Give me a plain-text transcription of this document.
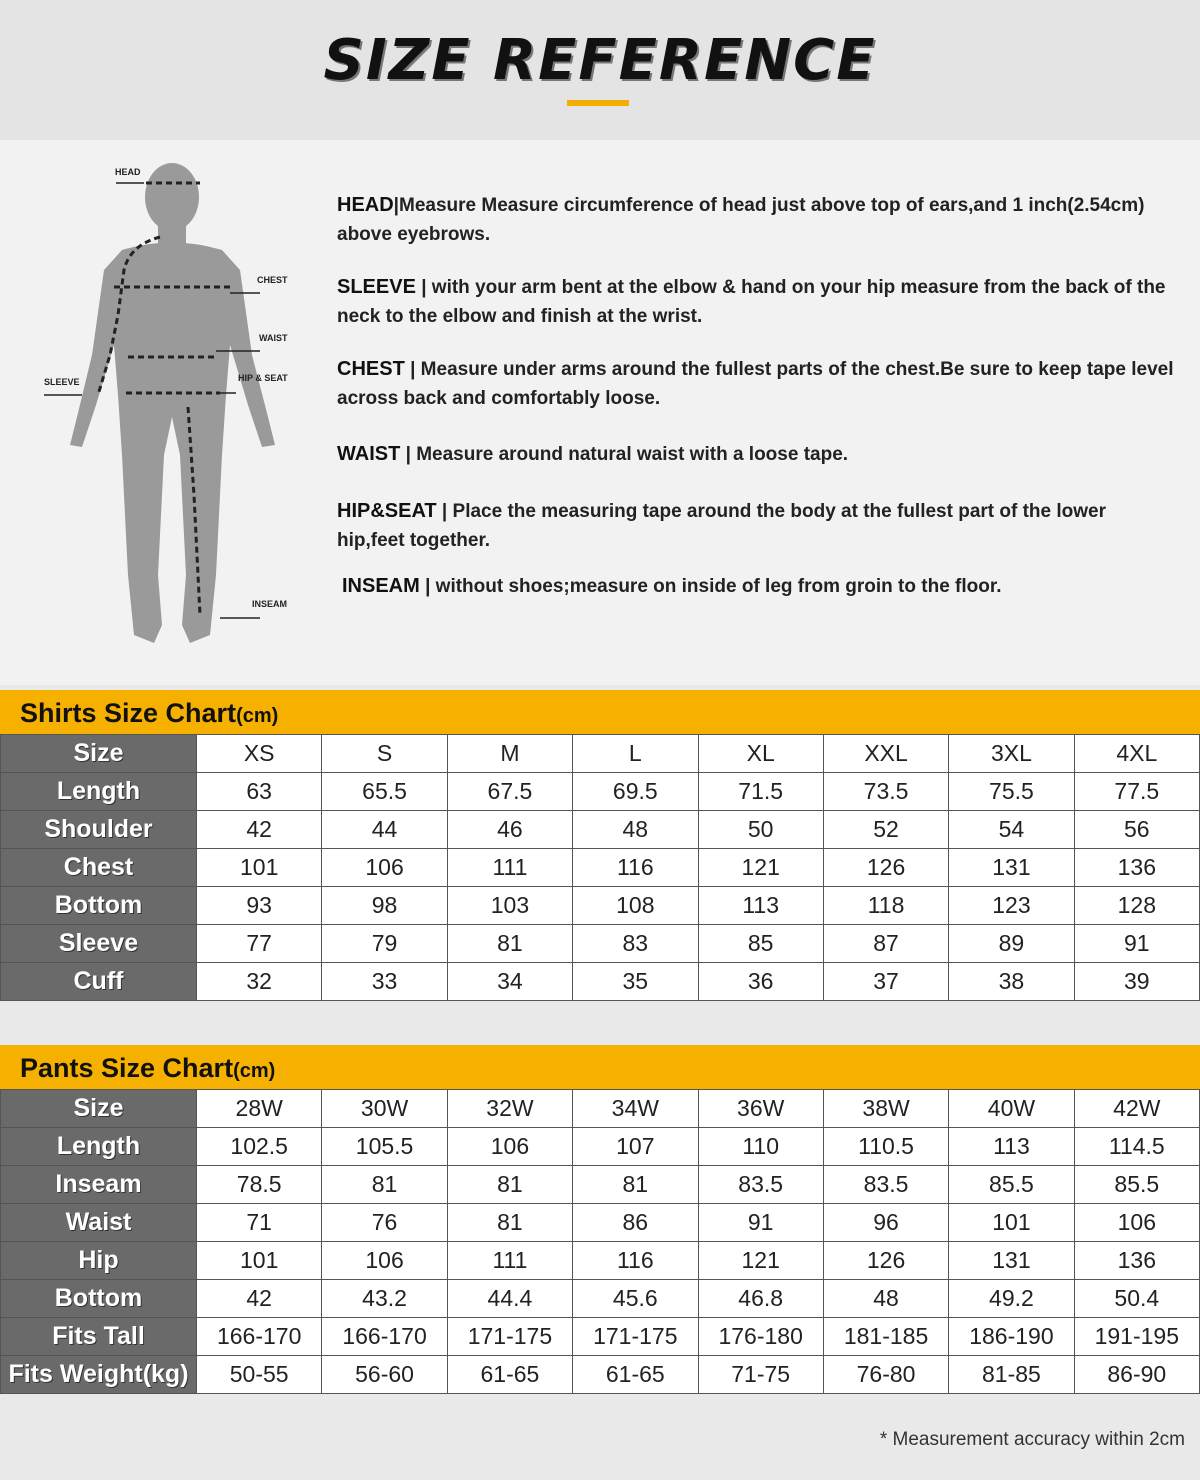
SIZE REFERENCE
HEAD
CHEST
WAIST
HIP & SEAT
SLEEVE
INSEAM
HEAD|Measure Measure circumference of head just above top of ears,and 1 inch(2.54cm) above eyebrows.
SLEEVE | with your arm bent at the elbow & hand on your hip measure from the back of the neck to the elbow and finish at the wrist.
CHEST | Measure under arms around the fullest parts of the chest.Be sure to keep tape level across back and comfortably loose.
WAIST | Measure around natural waist with a loose tape.
HIP&SEAT | Place the measuring tape around the body at the fullest part of the lower hip,feet together.
INSEAM | without shoes;measure on inside of leg from groin to the floor.
Shirts Size Chart(cm)
Size	XS	S	M	L	XL	XXL	3XL	4XL
Length	63	65.5	67.5	69.5	71.5	73.5	75.5	77.5
Shoulder	42	44	46	48	50	52	54	56
Chest	101	106	111	116	121	126	131	136
Bottom	93	98	103	108	113	118	123	128
Sleeve	77	79	81	83	85	87	89	91
Cuff	32	33	34	35	36	37	38	39
Pants Size Chart(cm)
Size	28W	30W	32W	34W	36W	38W	40W	42W
Length	102.5	105.5	106	107	110	110.5	113	114.5
Inseam	78.5	81	81	81	83.5	83.5	85.5	85.5
Waist	71	76	81	86	91	96	101	106
Hip	101	106	111	116	121	126	131	136
Bottom	42	43.2	44.4	45.6	46.8	48	49.2	50.4
Fits Tall	166-170	166-170	171-175	171-175	176-180	181-185	186-190	191-195
Fits Weight(kg)	50-55	56-60	61-65	61-65	71-75	76-80	81-85	86-90
* Measurement accuracy within 2cm
